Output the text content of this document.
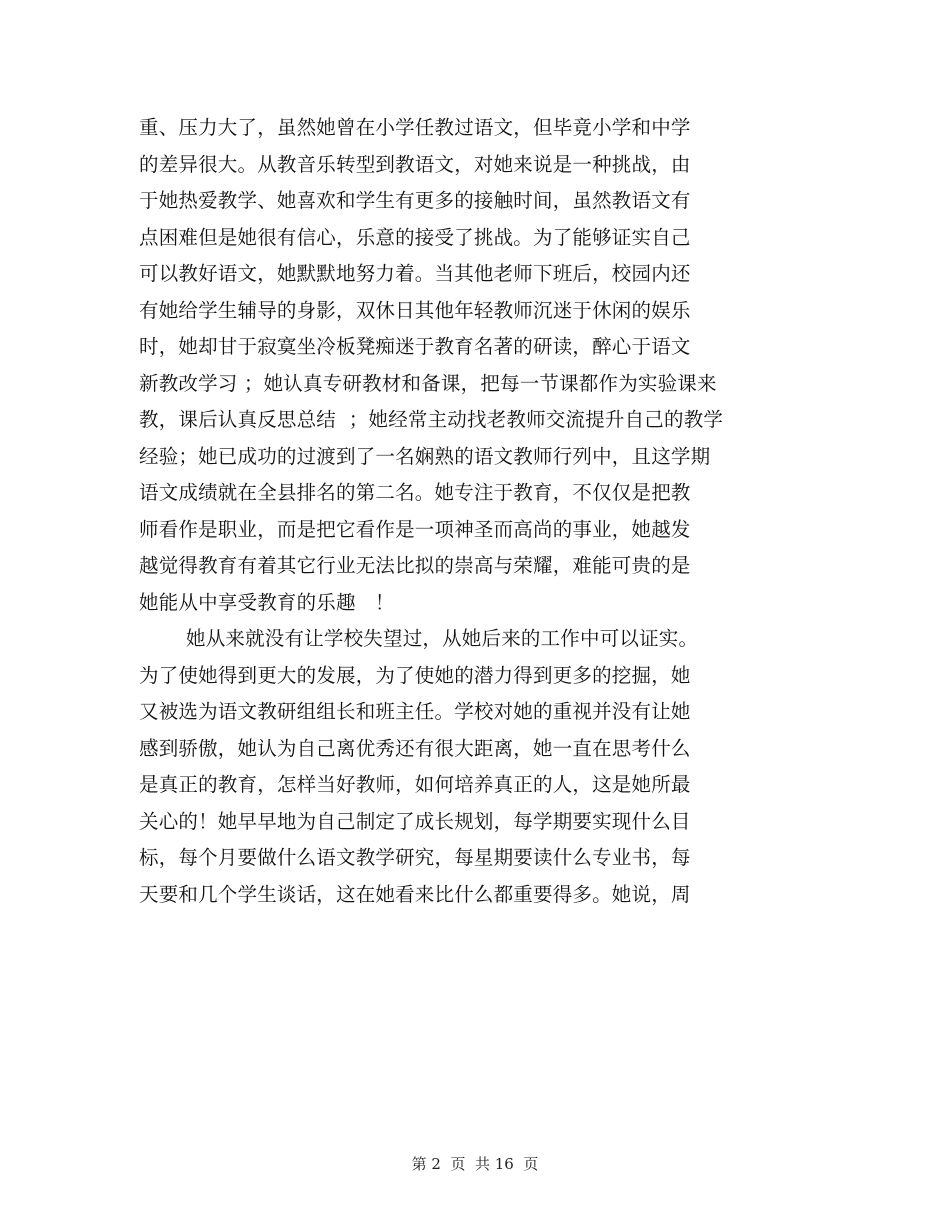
重、压力大了，虽然她曾在小学任教过语文，但毕竟小学和中学
的差异很大。从教音乐转型到教语文，对她来说是一种挑战，由
于她热爱教学、她喜欢和学生有更多的接触时间，虽然教语文有
点困难但是她很有信心，乐意的接受了挑战。为了能够证实自己
可以教好语文，她默默地努力着。当其他老师下班后，校园内还
有她给学生辅导的身影，双休日其他年轻教师沉迷于休闲的娱乐
时，她却甘于寂寞坐冷板凳痴迷于教育名著的研读，醉心于语文
新教改学习 ；她认真专研教材和备课，把每一节课都作为实验课来
教，课后认真反思总结  ；她经常主动找老教师交流提升自己的教学
经验；她已成功的过渡到了一名娴熟的语文教师行列中，且这学期
语文成绩就在全县排名的第二名。她专注于教育，不仅仅是把教
师看作是职业，而是把它看作是一项神圣而高尚的事业，她越发
越觉得教育有着其它行业无法比拟的崇高与荣耀，难能可贵的是
她能从中享受教育的乐趣   ！
她从来就没有让学校失望过，从她后来的工作中可以证实。
为了使她得到更大的发展，为了使她的潜力得到更多的挖掘，她
又被选为语文教研组组长和班主任。学校对她的重视并没有让她
感到骄傲，她认为自己离优秀还有很大距离，她一直在思考什么
是真正的教育，怎样当好教师，如何培养真正的人，这是她所最
关心的！她早早地为自己制定了成长规划，每学期要实现什么目
标，每个月要做什么语文教学研究，每星期要读什么专业书，每
天要和几个学生谈话，这在她看来比什么都重要得多。她说，周
第 2  页  共 16  页
